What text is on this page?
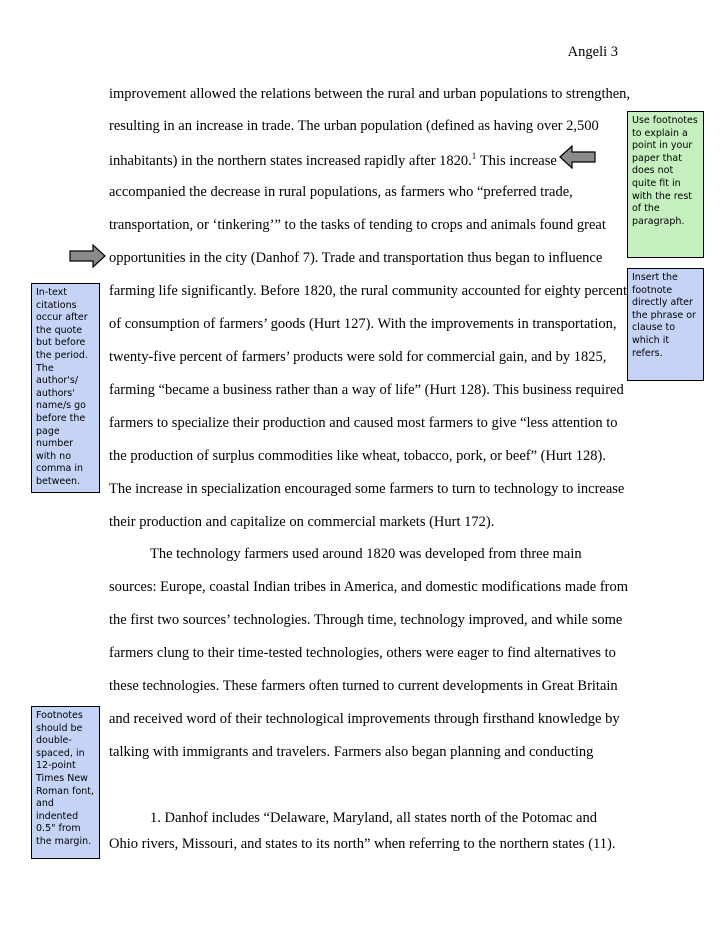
Angeli 3
improvement allowed the relations between the rural and urban populations to strengthen,
resulting in an increase in trade. The urban population (defined as having over 2,500
inhabitants) in the northern states increased rapidly after 1820.$^1$ This increase
accompanied the decrease in rural populations, as farmers who “preferred trade,
transportation, or ‘tinkering’” to the tasks of tending to crops and animals found great
opportunities in the city (Danhof 7). Trade and transportation thus began to influence
farming life significantly. Before 1820, the rural community accounted for eighty percent
of consumption of farmers’ goods (Hurt 127). With the improvements in transportation,
twenty-five percent of farmers’ products were sold for commercial gain, and by 1825,
farming “became a business rather than a way of life” (Hurt 128). This business required
farmers to specialize their production and caused most farmers to give “less attention to
the production of surplus commodities like wheat, tobacco, pork, or beef” (Hurt 128).
The increase in specialization encouraged some farmers to turn to technology to increase
their production and capitalize on commercial markets (Hurt 172).
The technology farmers used around 1820 was developed from three main
sources: Europe, coastal Indian tribes in America, and domestic modifications made from
the first two sources’ technologies. Through time, technology improved, and while some
farmers clung to their time-tested technologies, others were eager to find alternatives to
these technologies. These farmers often turned to current developments in Great Britain
and received word of their technological improvements through firsthand knowledge by
talking with immigrants and travelers. Farmers also began planning and conducting
1. Danhof includes “Delaware, Maryland, all states north of the Potomac and
Ohio rivers, Missouri, and states to its north” when referring to the northern states (11).
Use footnotes to explain a point in your paper that does not quite fit in with the rest of the paragraph.
Insert the footnote directly after the phrase or clause to which it refers.
In-text citations occur after the quote but before the period. The author's/ authors' name/s go before the page number with no comma in between.
Footnotes should be double-spaced, in 12-point Times New Roman font, and indented 0.5" from the margin.
